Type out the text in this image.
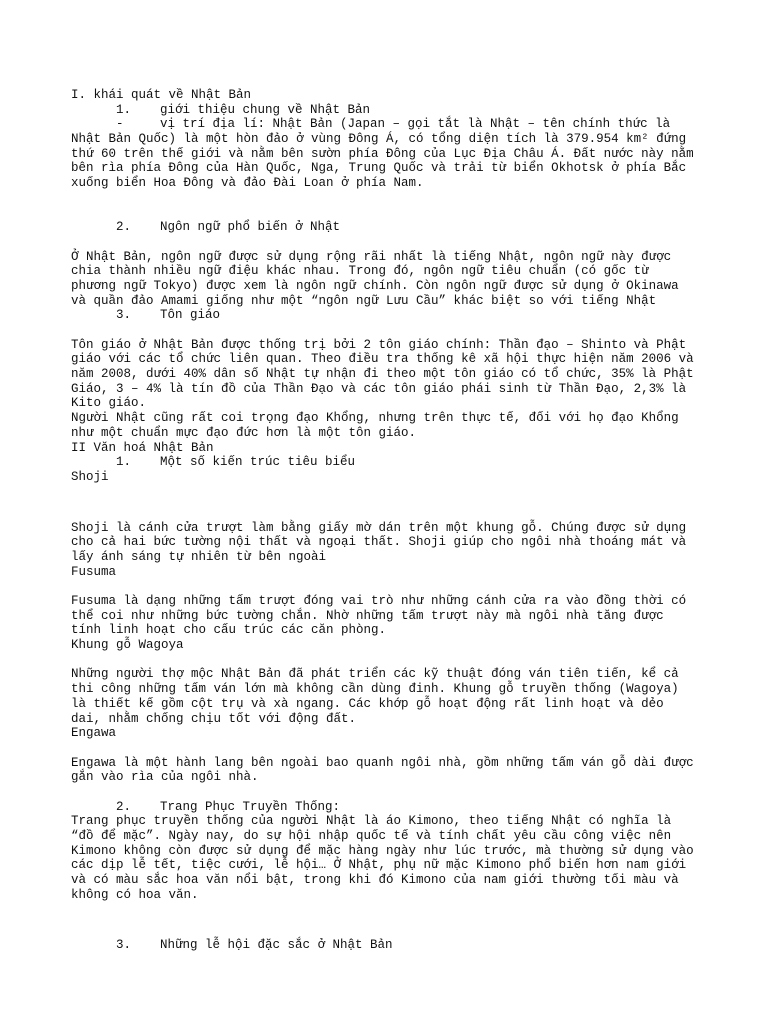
I. khái quát về Nhật Bản
1. giới thiệu chung về Nhật Bản
-	vị trí địa lí: Nhật Bản (Japan – gọi tắt là Nhật – tên chính thức là
Nhật Bản Quốc) là một hòn đảo ở vùng Đông Á, có tổng diện tích là 379.954 km² đứng
thứ 60 trên thế giới và nằm bên sườn phía Đông của Lục Địa Châu Á. Đất nước này nằm
bên rìa phía Đông của Hàn Quốc, Nga, Trung Quốc và trải từ biển Okhotsk ở phía Bắc
xuống biển Hoa Đông và đảo Đài Loan ở phía Nam.
2. Ngôn ngữ phổ biến ở Nhật
Ở Nhật Bản, ngôn ngữ được sử dụng rộng rãi nhất là tiếng Nhật, ngôn ngữ này được
chia thành nhiều ngữ điệu khác nhau. Trong đó, ngôn ngữ tiêu chuẩn (có gốc từ
phương ngữ Tokyo) được xem là ngôn ngữ chính. Còn ngôn ngữ được sử dụng ở Okinawa
và quần đảo Amami giống như một “ngôn ngữ Lưu Cầu” khác biệt so với tiếng Nhật
3. Tôn giáo
Tôn giáo ở Nhật Bản được thống trị bởi 2 tôn giáo chính: Thần đạo – Shinto và Phật
giáo với các tổ chức liên quan. Theo điều tra thống kê xã hội thực hiện năm 2006 và
năm 2008, dưới 40% dân số Nhật tự nhận đi theo một tôn giáo có tổ chức, 35% là Phật
Giáo, 3 – 4% là tín đồ của Thần Đạo và các tôn giáo phái sinh từ Thần Đạo, 2,3% là
Kito giáo.
Người Nhật cũng rất coi trọng đạo Khổng, nhưng trên thực tế, đối với họ đạo Khổng
như một chuẩn mực đạo đức hơn là một tôn giáo.
II Văn hoá Nhật Bản
1. Một số kiến trúc tiêu biểu
Shoji
Shoji là cánh cửa trượt làm bằng giấy mờ dán trên một khung gỗ. Chúng được sử dụng
cho cả hai bức tường nội thất và ngoại thất. Shoji giúp cho ngôi nhà thoáng mát và
lấy ánh sáng tự nhiên từ bên ngoài
Fusuma
Fusuma là dạng những tấm trượt đóng vai trò như những cánh cửa ra vào đồng thời có
thể coi như những bức tường chắn. Nhờ những tấm trượt này mà ngôi nhà tăng được
tính linh hoạt cho cấu trúc các căn phòng.
Khung gỗ Wagoya
Những người thợ mộc Nhật Bản đã phát triển các kỹ thuật đóng ván tiên tiến, kể cả
thi công những tấm ván lớn mà không cần dùng đinh. Khung gỗ truyền thống (Wagoya)
là thiết kế gồm cột trụ và xà ngang. Các khớp gỗ hoạt động rất linh hoạt và dẻo
dai, nhằm chống chịu tốt với động đất.
Engawa
Engawa là một hành lang bên ngoài bao quanh ngôi nhà, gồm những tấm ván gỗ dài được
gắn vào rìa của ngôi nhà.
2. Trang Phục Truyền Thống:
Trang phục truyền thống của người Nhật là áo Kimono, theo tiếng Nhật có nghĩa là
“đồ để mặc”. Ngày nay, do sự hội nhập quốc tế và tính chất yêu cầu công việc nên
Kimono không còn được sử dụng để mặc hàng ngày như lúc trước, mà thường sử dụng vào
các dịp lễ tết, tiệc cưới, lễ hội… Ở Nhật, phụ nữ mặc Kimono phổ biến hơn nam giới
và có màu sắc hoa văn nổi bật, trong khi đó Kimono của nam giới thường tối màu và
không có hoa văn.
3. Những lễ hội đặc sắc ở Nhật Bản
